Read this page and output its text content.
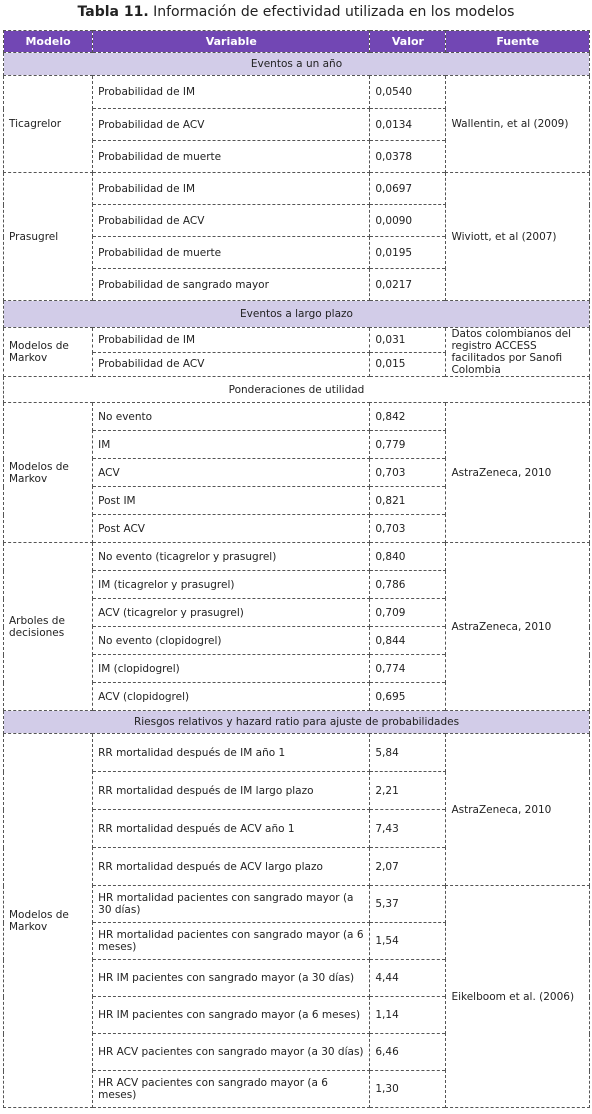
Tabla 11. Información de efectividad utilizada en los modelos
Modelo	Variable	Valor	Fuente
Eventos a un año			
Ticagrelor	Probabilidad de IM	0,0540	Wallentin, et al (2009)
	Probabilidad de ACV	0,0134	
	Probabilidad de muerte	0,0378	
Prasugrel	Probabilidad de IM	0,0697	Wiviott, et al (2007)
	Probabilidad de ACV	0,0090	
	Probabilidad de muerte	0,0195	
	Probabilidad de sangrado mayor	0,0217	
Eventos a largo plazo			
Modelos de Markov	Probabilidad de IM	0,031	Datos colombianos del registro ACCESS facilitados por Sanofi Colombia
	Probabilidad de ACV	0,015	
Ponderaciones de utilidad			
Modelos de Markov	No evento	0,842	AstraZeneca, 2010
	IM	0,779	
	ACV	0,703	
	Post IM	0,821	
	Post ACV	0,703	
Arboles de decisiones	No evento (ticagrelor y prasugrel)	0,840	AstraZeneca, 2010
	IM (ticagrelor y prasugrel)	0,786	
	ACV (ticagrelor y prasugrel)	0,709	
	No evento (clopidogrel)	0,844	
	IM (clopidogrel)	0,774	
	ACV (clopidogrel)	0,695	
Riesgos relativos y hazard ratio para ajuste de probabilidades			
Modelos de Markov	RR mortalidad después de IM año 1	5,84	AstraZeneca, 2010
	RR mortalidad después de IM largo plazo	2,21	
	RR mortalidad después de ACV año 1	7,43	
	RR mortalidad después de ACV largo plazo	2,07	
	HR mortalidad pacientes con sangrado mayor (a 30 días)	5,37	Eikelboom et al. (2006)
	HR mortalidad pacientes con sangrado mayor (a 6 meses)	1,54	
	HR IM pacientes con sangrado mayor (a 30 días)	4,44	
	HR IM pacientes con sangrado mayor (a 6 meses)	1,14	
	HR ACV pacientes con sangrado mayor (a 30 días)	6,46	
	HR ACV pacientes con sangrado mayor (a 6 meses)	1,30	
